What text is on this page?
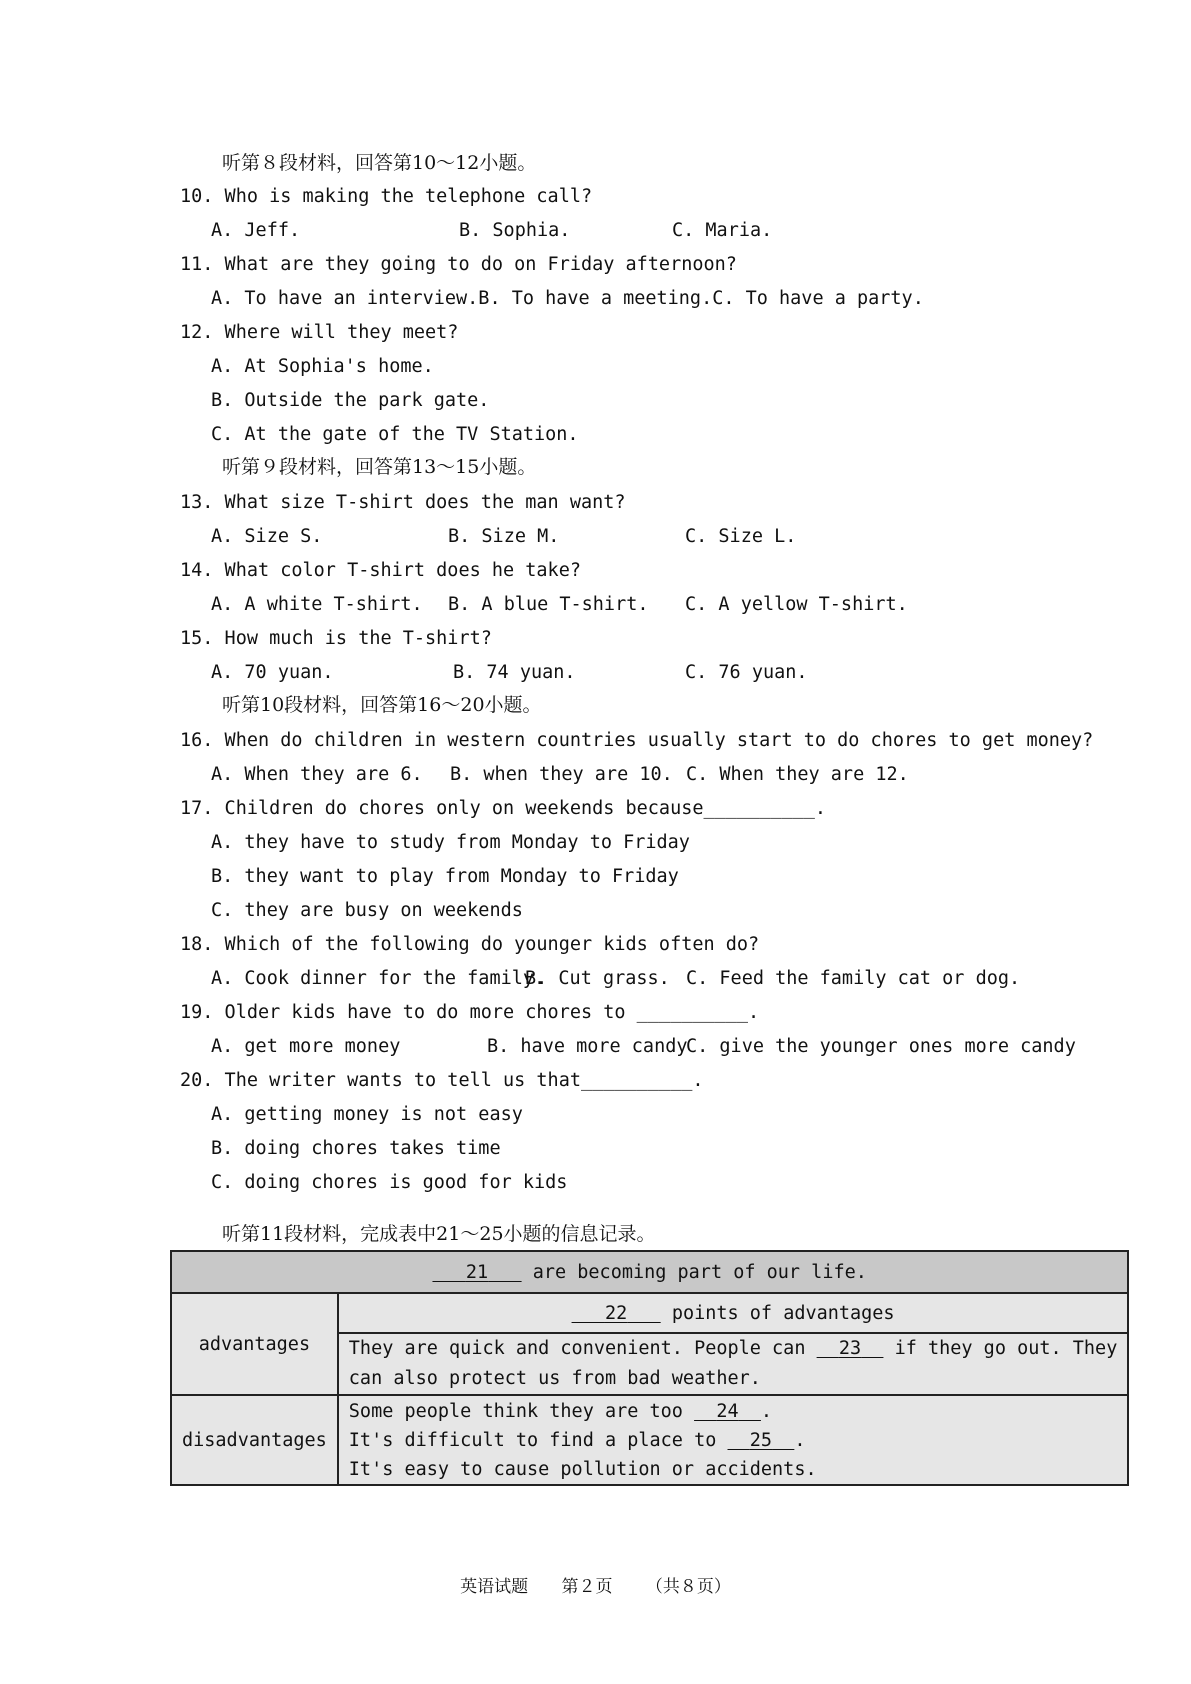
听第８段材料，回答第10～12小题。
10. Who is making the telephone call?
A. Jeff.	B. Sophia.	C. Maria.
11. What are they going to do on Friday afternoon?
A. To have an interview.B. To have a meeting.C. To have a party.
12. Where will they meet?
A. At Sophia's home.
B. Outside the park gate.
C. At the gate of the TV Station.
听第９段材料，回答第13～15小题。
13. What size T-shirt does the man want?
A. Size S.	B. Size M.	C. Size L.
14. What color T-shirt does he take?
A. A white T-shirt. B. A blue T-shirt. C. A yellow T-shirt.
15. How much is the T-shirt?
A. 70 yuan.	B. 74 yuan.	C. 76 yuan.
听第10段材料，回答第16～20小题。
16. When do children in western countries usually start to do chores to get money?
A. When they are 6. B. when they are 10. C. When they are 12.
17. Children do chores only on weekends because__________.
A. they have to study from Monday to Friday
B. they want to play from Monday to Friday
C. they are busy on weekends
18. Which of the following do younger kids often do?
A. Cook dinner for the family.
B. Cut grass. C. Feed the family cat or dog.
19. Older kids have to do more chores to __________.
A. get more money	B. have more candy
C. give the younger ones more candy
20. The writer wants to tell us that__________.
A. getting money is not easy
B. doing chores takes time
C. doing chores is good for kids
听第11段材料，完成表中21～25小题的信息记录。
21 are becoming part of our life.	
advantages	22 points of advantages

	They are quick and convenient. People can 23 if they go out. They
can also protect us from bad weather.

disadvantages	Some people think they are too 24 .
It's difficult to find a place to 25 .
It's easy to cause pollution or accidents.
英语试题 第２页 （共８页）
